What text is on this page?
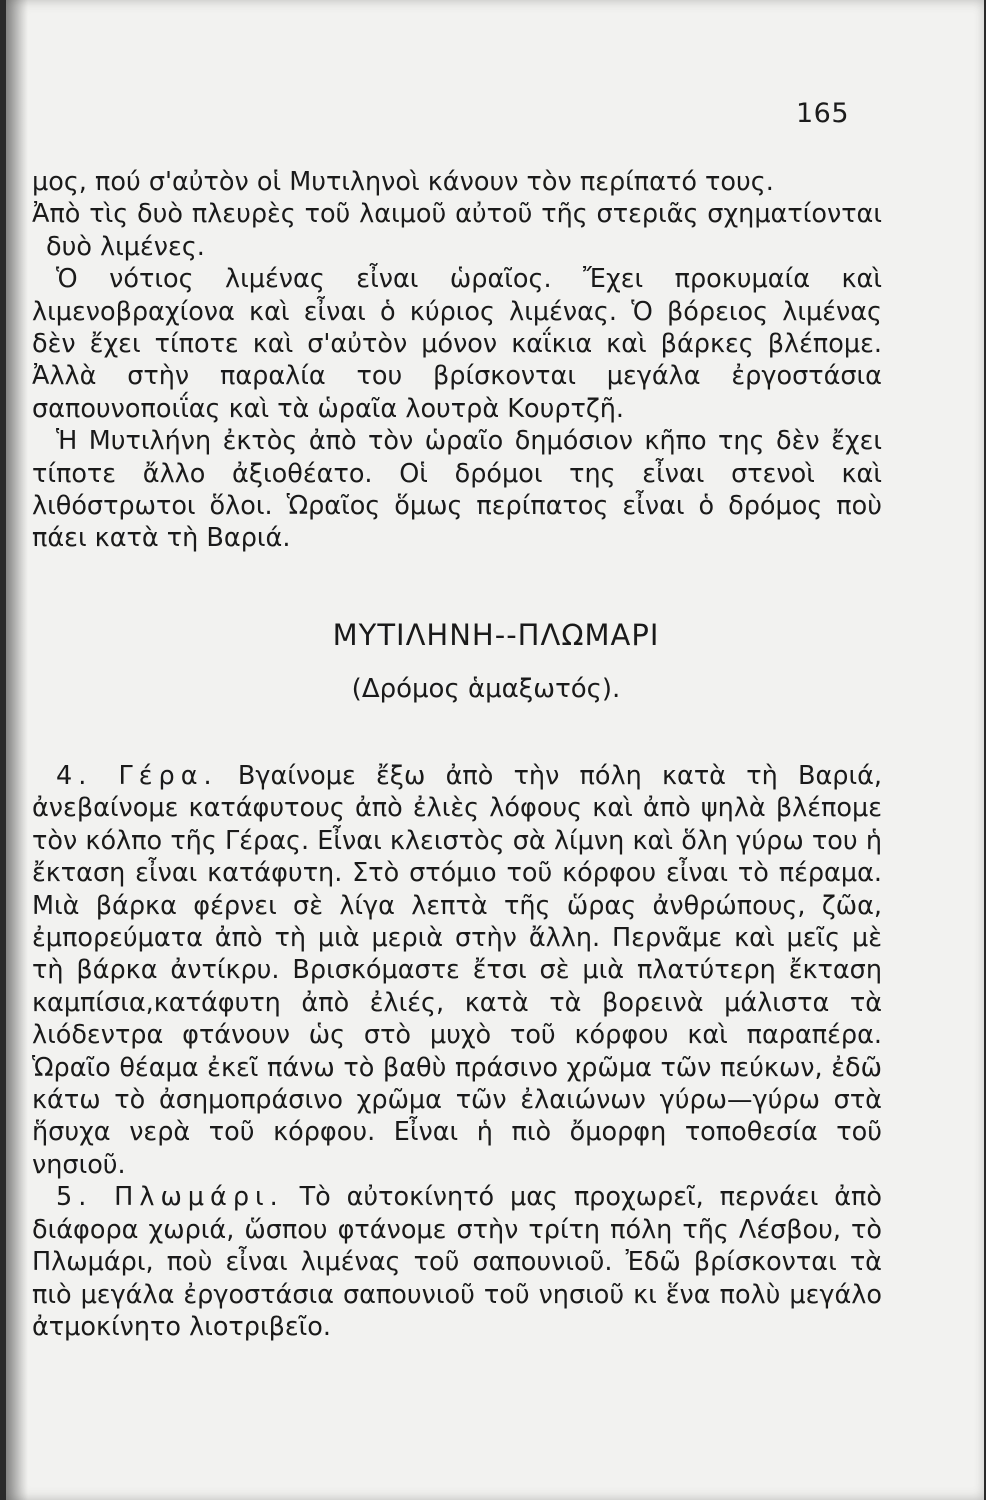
165

μος, πού σ'αὐτὸν οἱ Μυτιληνοὶ κάνουν τὸν περίπατό τους.

Ἀπὸ τὶς δυὸ πλευρὲς τοῦ λαιμοῦ αὐτοῦ τῆς στεριᾶς σχηματίονται δυὸ λιμένες.

Ὁ νότιος λιμένας εἶναι ὡραῖος. Ἔχει προκυμαία καὶ λιμενοβραχίονα καὶ εἶναι ὁ κύριος λιμένας. Ὁ βόρειος λιμένας δὲν ἔχει τίποτε καὶ σ'αὐτὸν μόνον καΐκια καὶ βάρκες βλέπομε. Ἀλλὰ στὴν παραλία του βρίσκονται μεγάλα ἐργοστάσια σαπουνοποιΐας καὶ τὰ ὡραῖα λουτρὰ Κουρτζῆ.

Ἡ Μυτιλήνη ἐκτὸς ἀπὸ τὸν ὡραῖο δημόσιον κῆπο της δὲν ἔχει τίποτε ἄλλο ἀξιοθέατο. Οἱ δρόμοι της εἶναι στενοὶ καὶ λιθόστρωτοι ὅλοι. Ὡραῖος ὅμως περίπατος εἶναι ὁ δρόμος ποὺ πάει κατὰ τὴ Βαριά.

ΜΥΤΙΛΗΝΗ--ΠΛΩΜΑΡΙ
(Δρόμος ἁμαξωτός).

4. Γέρα. Βγαίνομε ἔξω ἀπὸ τὴν πόλη κατὰ τὴ Βαριά, ἀνεβαίνομε κατάφυτους ἀπὸ ἐλιὲς λόφους καὶ ἀπὸ ψηλὰ βλέπομε τὸν κόλπο τῆς Γέρας. Εἶναι κλειστὸς σὰ λίμνη καὶ ὅλη γύρω του ἡ ἔκταση εἶναι κατάφυτη. Στὸ στόμιο τοῦ κόρφου εἶναι τὸ πέραμα. Μιὰ βάρκα φέρνει σὲ λίγα λεπτὰ τῆς ὥρας ἀνθρώπους, ζῶα, ἐμπορεύματα ἀπὸ τὴ μιὰ μεριὰ στὴν ἄλλη. Περνᾶμε καὶ μεῖς μὲ τὴ βάρκα ἀντίκρυ. Βρισκόμαστε ἔτσι σὲ μιὰ πλατύτερη ἔκταση καμπίσια,κατάφυτη ἀπὸ ἐλιές, κατὰ τὰ βορεινὰ μάλιστα τὰ λιόδεντρα φτάνουν ὡς στὸ μυχὸ τοῦ κόρφου καὶ παραπέρα. Ὡραῖο θέαμα ἐκεῖ πάνω τὸ βαθὺ πράσινο χρῶμα τῶν πεύκων, ἐδῶ κάτω τὸ ἀσημοπράσινο χρῶμα τῶν ἐλαιώνων γύρω—γύρω στὰ ἥσυχα νερὰ τοῦ κόρφου. Εἶναι ἡ πιὸ ὄμορφη τοποθεσία τοῦ νησιοῦ.

5. Πλωμάρι. Τὸ αὐτοκίνητό μας προχωρεῖ, περνάει ἀπὸ διάφορα χωριά, ὥσπου φτάνομε στὴν τρίτη πόλη τῆς Λέσβου, τὸ Πλωμάρι, ποὺ εἶναι λιμένας τοῦ σαπουνιοῦ. Ἐδῶ βρίσκονται τὰ πιὸ μεγάλα ἐργοστάσια σαπουνιοῦ τοῦ νησιοῦ κι ἕνα πολὺ μεγάλο ἀτμοκίνητο λιοτριβεῖο.
